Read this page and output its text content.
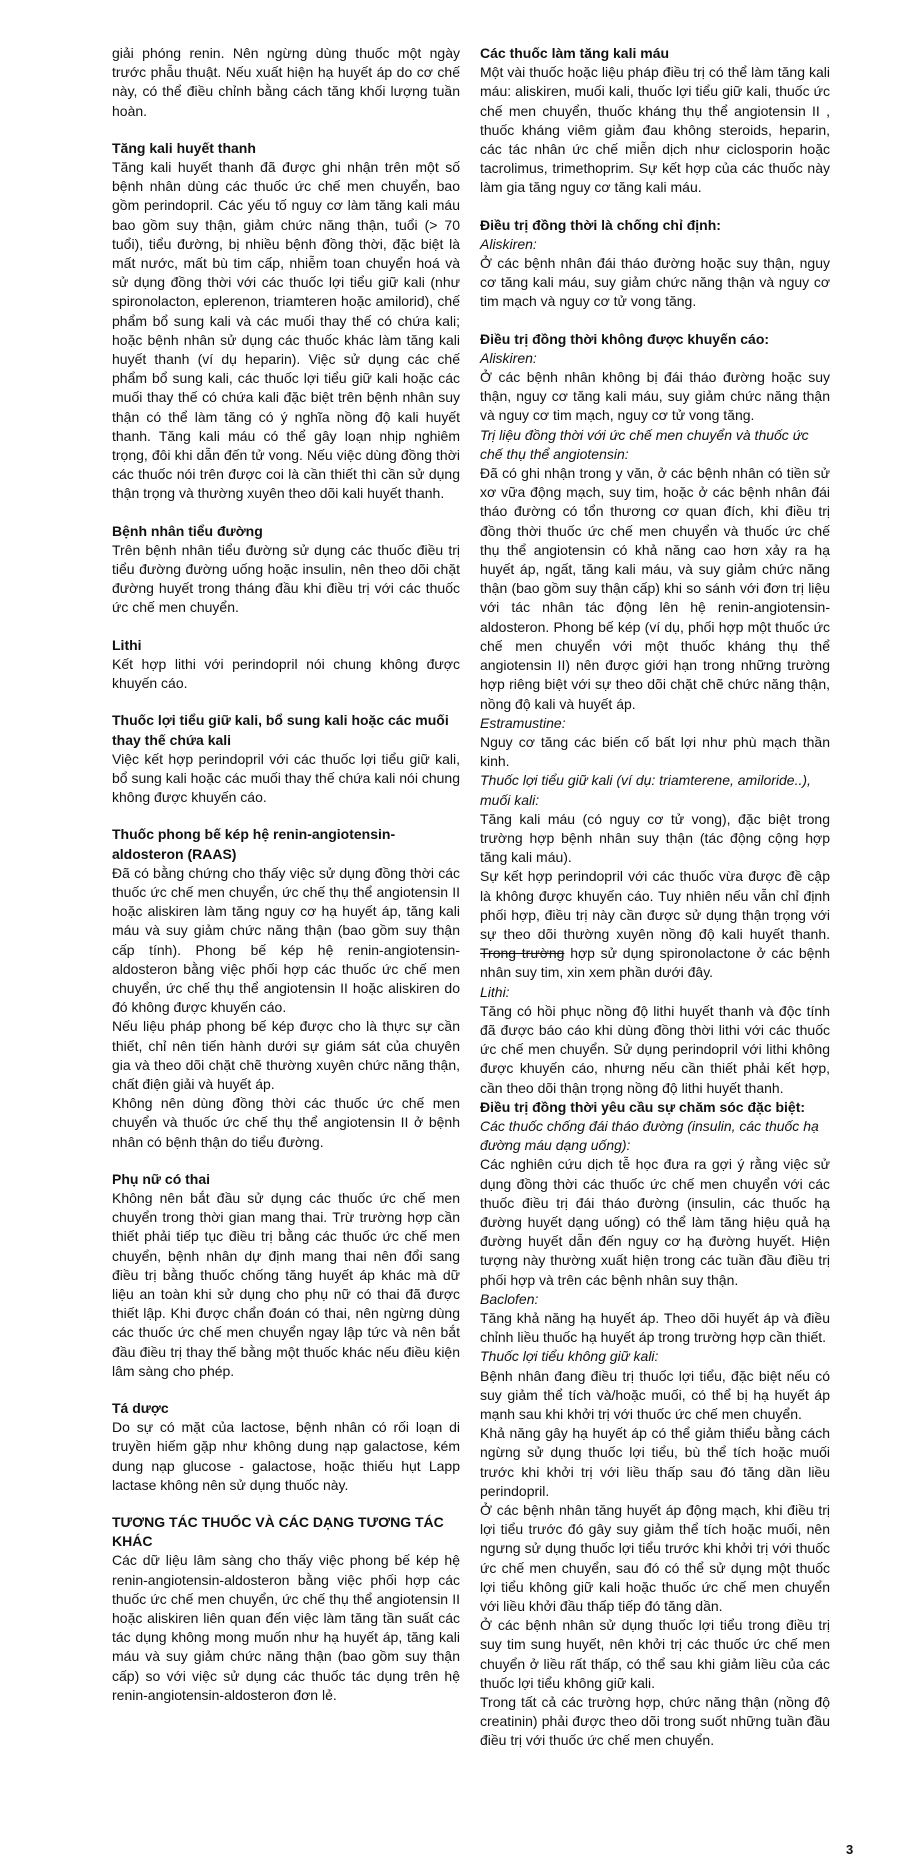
giải phóng renin. Nên ngừng dùng thuốc một ngày trước phẫu thuật. Nếu xuất hiện hạ huyết áp do cơ chế này, có thể điều chỉnh bằng cách tăng khối lượng tuần hoàn.

Tăng kali huyết thanh

Tăng kali huyết thanh đã được ghi nhận trên một số bệnh nhân dùng các thuốc ức chế men chuyển, bao gồm perindopril. Các yếu tố nguy cơ làm tăng kali máu bao gồm suy thận, giảm chức năng thận, tuổi (> 70 tuổi), tiểu đường, bị nhiều bệnh đồng thời, đặc biệt là mất nước, mất bù tim cấp, nhiễm toan chuyển hoá và sử dụng đồng thời với các thuốc lợi tiểu giữ kali (như spironolacton, eplerenon, triamteren hoặc amilorid), chế phẩm bổ sung kali và các muối thay thế có chứa kali; hoặc bệnh nhân sử dụng các thuốc khác làm tăng kali huyết thanh (ví dụ heparin). Việc sử dụng các chế phẩm bổ sung kali, các thuốc lợi tiểu giữ kali hoặc các muối thay thế có chứa kali đặc biệt trên bệnh nhân suy thận có thể làm tăng có ý nghĩa nồng độ kali huyết thanh. Tăng kali máu có thể gây loạn nhịp nghiêm trọng, đôi khi dẫn đến tử vong. Nếu việc dùng đồng thời các thuốc nói trên được coi là cần thiết thì cần sử dụng thận trọng và thường xuyên theo dõi kali huyết thanh.

Bệnh nhân tiểu đường

Trên bệnh nhân tiểu đường sử dụng các thuốc điều trị tiểu đường đường uống hoặc insulin, nên theo dõi chặt đường huyết trong tháng đầu khi điều trị với các thuốc ức chế men chuyển.

Lithi

Kết hợp lithi với perindopril nói chung không được khuyến cáo.

Thuốc lợi tiểu giữ kali, bổ sung kali hoặc các muối thay thế chứa kali

Việc kết hợp perindopril với các thuốc lợi tiểu giữ kali, bổ sung kali hoặc các muối thay thế chứa kali nói chung không được khuyến cáo.

Thuốc phong bế kép hệ renin-angiotensin-aldosteron (RAAS)

Đã có bằng chứng cho thấy việc sử dụng đồng thời các thuốc ức chế men chuyển, ức chế thụ thể angiotensin II hoặc aliskiren làm tăng nguy cơ hạ huyết áp, tăng kali máu và suy giảm chức năng thận (bao gồm suy thận cấp tính). Phong bế kép hệ renin-angiotensin-aldosteron bằng việc phối hợp các thuốc ức chế men chuyển, ức chế thụ thể angiotensin II hoặc aliskiren do đó không được khuyến cáo.

Nếu liệu pháp phong bế kép được cho là thực sự cần thiết, chỉ nên tiến hành dưới sự giám sát của chuyên gia và theo dõi chặt chẽ thường xuyên chức năng thận, chất điện giải và huyết áp.

Không nên dùng đồng thời các thuốc ức chế men chuyển và thuốc ức chế thụ thể angiotensin II ở bệnh nhân có bệnh thận do tiểu đường.

Phụ nữ có thai

Không nên bắt đầu sử dụng các thuốc ức chế men chuyển trong thời gian mang thai. Trừ trường hợp cần thiết phải tiếp tục điều trị bằng các thuốc ức chế men chuyển, bệnh nhân dự định mang thai nên đổi sang điều trị bằng thuốc chống tăng huyết áp khác mà dữ liệu an toàn khi sử dụng cho phụ nữ có thai đã được thiết lập. Khi được chẩn đoán có thai, nên ngừng dùng các thuốc ức chế men chuyển ngay lập tức và nên bắt đầu điều trị thay thế bằng một thuốc khác nếu điều kiện lâm sàng cho phép.

Tá dược

Do sự có mặt của lactose, bệnh nhân có rối loạn di truyền hiếm gặp như không dung nạp galactose, kém dung nạp glucose - galactose, hoặc thiếu hụt Lapp lactase không nên sử dụng thuốc này.

TƯƠNG TÁC THUỐC VÀ CÁC DẠNG TƯƠNG TÁC KHÁC

Các dữ liệu lâm sàng cho thấy việc phong bế kép hệ renin-angiotensin-aldosteron bằng việc phối hợp các thuốc ức chế men chuyển, ức chế thụ thể angiotensin II hoặc aliskiren liên quan đến việc làm tăng tần suất các tác dụng không mong muốn như hạ huyết áp, tăng kali máu và suy giảm chức năng thận (bao gồm suy thận cấp) so với việc sử dụng các thuốc tác dụng trên hệ renin-angiotensin-aldosteron đơn lẻ.

Các thuốc làm tăng kali máu

Một vài thuốc hoặc liệu pháp điều trị có thể làm tăng kali máu: aliskiren, muối kali, thuốc lợi tiểu giữ kali, thuốc ức chế men chuyển, thuốc kháng thụ thể angiotensin II , thuốc kháng viêm giảm đau không steroids, heparin, các tác nhân ức chế miễn dịch như ciclosporin hoặc tacrolimus, trimethoprim. Sự kết hợp của các thuốc này làm gia tăng nguy cơ tăng kali máu.

Điều trị đồng thời là chống chỉ định:
Aliskiren:

Ở các bệnh nhân đái tháo đường hoặc suy thận, nguy cơ tăng kali máu, suy giảm chức năng thận và nguy cơ tim mạch và nguy cơ tử vong tăng.

Điều trị đồng thời không được khuyến cáo:
Aliskiren:

Ở các bệnh nhân không bị đái tháo đường hoặc suy thận, nguy cơ tăng kali máu, suy giảm chức năng thận và nguy cơ tim mạch, nguy cơ tử vong tăng.

Trị liệu đồng thời với ức chế men chuyển và thuốc ức chế thụ thể angiotensin:

Đã có ghi nhận trong y văn, ở các bệnh nhân có tiền sử xơ vữa động mạch, suy tim, hoặc ở các bệnh nhân đái tháo đường có tổn thương cơ quan đích, khi điều trị đồng thời thuốc ức chế men chuyển và thuốc ức chế thụ thể angiotensin có khả năng cao hơn xảy ra hạ huyết áp, ngất, tăng kali máu, và suy giảm chức năng thận (bao gồm suy thận cấp) khi so sánh với đơn trị liệu với tác nhân tác động lên hệ renin-angiotensin-aldosteron. Phong bế kép (ví dụ, phối hợp một thuốc ức chế men chuyển với một thuốc kháng thụ thể angiotensin II) nên được giới hạn trong những trường hợp riêng biệt với sự theo dõi chặt chẽ chức năng thận, nồng độ kali và huyết áp.

Estramustine:

Nguy cơ tăng các biến cố bất lợi như phù mạch thần kinh.

Thuốc lợi tiểu giữ kali (ví dụ: triamterene, amiloride..), muối kali:

Tăng kali máu (có nguy cơ tử vong), đặc biệt trong trường hợp bệnh nhân suy thận (tác động cộng hợp tăng kali máu).

Sự kết hợp perindopril với các thuốc vừa được đề cập là không được khuyến cáo. Tuy nhiên nếu vẫn chỉ định phối hợp, điều trị này cần được sử dụng thận trọng với sự theo dõi thường xuyên nồng độ kali huyết thanh. Trong trường hợp sử dụng spironolactone ở các bệnh nhân suy tim, xin xem phần dưới đây.

Lithi:

Tăng có hồi phục nồng độ lithi huyết thanh và độc tính đã được báo cáo khi dùng đồng thời lithi với các thuốc ức chế men chuyển. Sử dụng perindopril với lithi không được khuyến cáo, nhưng nếu cần thiết phải kết hợp, cần theo dõi thận trọng nồng độ lithi huyết thanh.

Điều trị đồng thời yêu cầu sự chăm sóc đặc biệt:
Các thuốc chống đái tháo đường (insulin, các thuốc hạ đường máu dạng uống):

Các nghiên cứu dịch tễ học đưa ra gợi ý rằng việc sử dụng đồng thời các thuốc ức chế men chuyển với các thuốc điều trị đái tháo đường (insulin, các thuốc hạ đường huyết dạng uống) có thể làm tăng hiệu quả hạ đường huyết dẫn đến nguy cơ hạ đường huyết. Hiện tượng này thường xuất hiện trong các tuần đầu điều trị phối hợp và trên các bệnh nhân suy thận.

Baclofen:

Tăng khả năng hạ huyết áp. Theo dõi huyết áp và điều chỉnh liều thuốc hạ huyết áp trong trường hợp cần thiết.

Thuốc lợi tiểu không giữ kali:

Bệnh nhân đang điều trị thuốc lợi tiểu, đặc biệt nếu có suy giảm thể tích và/hoặc muối, có thể bị hạ huyết áp mạnh sau khi khởi trị với thuốc ức chế men chuyển.

Khả năng gây hạ huyết áp có thể giảm thiểu bằng cách ngừng sử dụng thuốc lợi tiểu, bù thể tích hoặc muối trước khi khởi trị với liều thấp sau đó tăng dần liều perindopril.

Ở các bệnh nhân tăng huyết áp động mạch, khi điều trị lợi tiểu trước đó gây suy giảm thể tích hoặc muối, nên ngưng sử dụng thuốc lợi tiểu trước khi khởi trị với thuốc ức chế men chuyển, sau đó có thể sử dụng một thuốc lợi tiểu không giữ kali hoặc thuốc ức chế men chuyển với liều khởi đầu thấp tiếp đó tăng dần.

Ở các bệnh nhân sử dụng thuốc lợi tiểu trong điều trị suy tim sung huyết, nên khởi trị các thuốc ức chế men chuyển ở liều rất thấp, có thể sau khi giảm liều của các thuốc lợi tiểu không giữ kali.

Trong tất cả các trường hợp, chức năng thận (nồng độ creatinin) phải được theo dõi trong suốt những tuần đầu điều trị với thuốc ức chế men chuyển.

3
